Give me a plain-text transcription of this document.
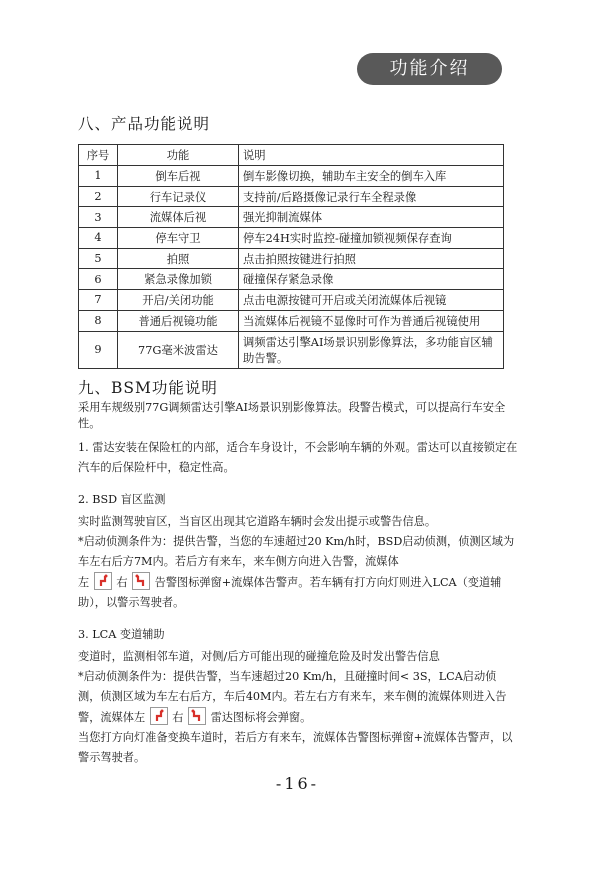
功能介绍
八、产品功能说明
序号	功能	说明
1	倒车后视	倒车影像切换，辅助车主安全的倒车入库
2	行车记录仪	支持前/后路摄像记录行车全程录像
3	流媒体后视	强光抑制流媒体
4	停车守卫	停车24H实时监控-碰撞加锁视频保存查询
5	拍照	点击拍照按键进行拍照
6	紧急录像加锁	碰撞保存紧急录像
7	开启/关闭功能	点击电源按键可开启或关闭流媒体后视镜
8	普通后视镜功能	当流媒体后视镜不显像时可作为普通后视镜使用
9	77G毫米波雷达	调频雷达引擎AI场景识别影像算法，多功能盲区辅助告警。
九、BSM功能说明

采用车规级别77G调频雷达引擎AI场景识别影像算法。段警告模式，可以提高行车安全性。

1. 雷达安装在保险杠的内部，适合车身设计，不会影响车辆的外观。雷达可以直接锁定在汽车的后保险杆中，稳定性高。

2. BSD 盲区监测

实时监测驾驶盲区，当盲区出现其它道路车辆时会发出提示或警告信息。

*启动侦测条件为：提供告警，当您的车速超过20 Km/h时，BSD启动侦测，侦测区域为车左右后方7M内。若后方有来车，来车侧方向进入告警，流媒体

左 右 告警图标弹窗+流媒体告警声。若车辆有打方向灯则进入LCA（变道辅助），以警示驾驶者。

3. LCA 变道辅助

变道时，监测相邻车道，对侧/后方可能出现的碰撞危险及时发出警告信息

*启动侦测条件为：提供告警，当车速超过20 Km/h，且碰撞时间< 3S，LCA启动侦测，侦测区域为车左右后方，车后40M内。若左右方有来车，来车侧的流媒体则进入告警，流媒体左 右 雷达图标将会弹窗。

当您打方向灯准备变换车道时，若后方有来车，流媒体告警图标弹窗+流媒体告警声，以警示驾驶者。

-16-
